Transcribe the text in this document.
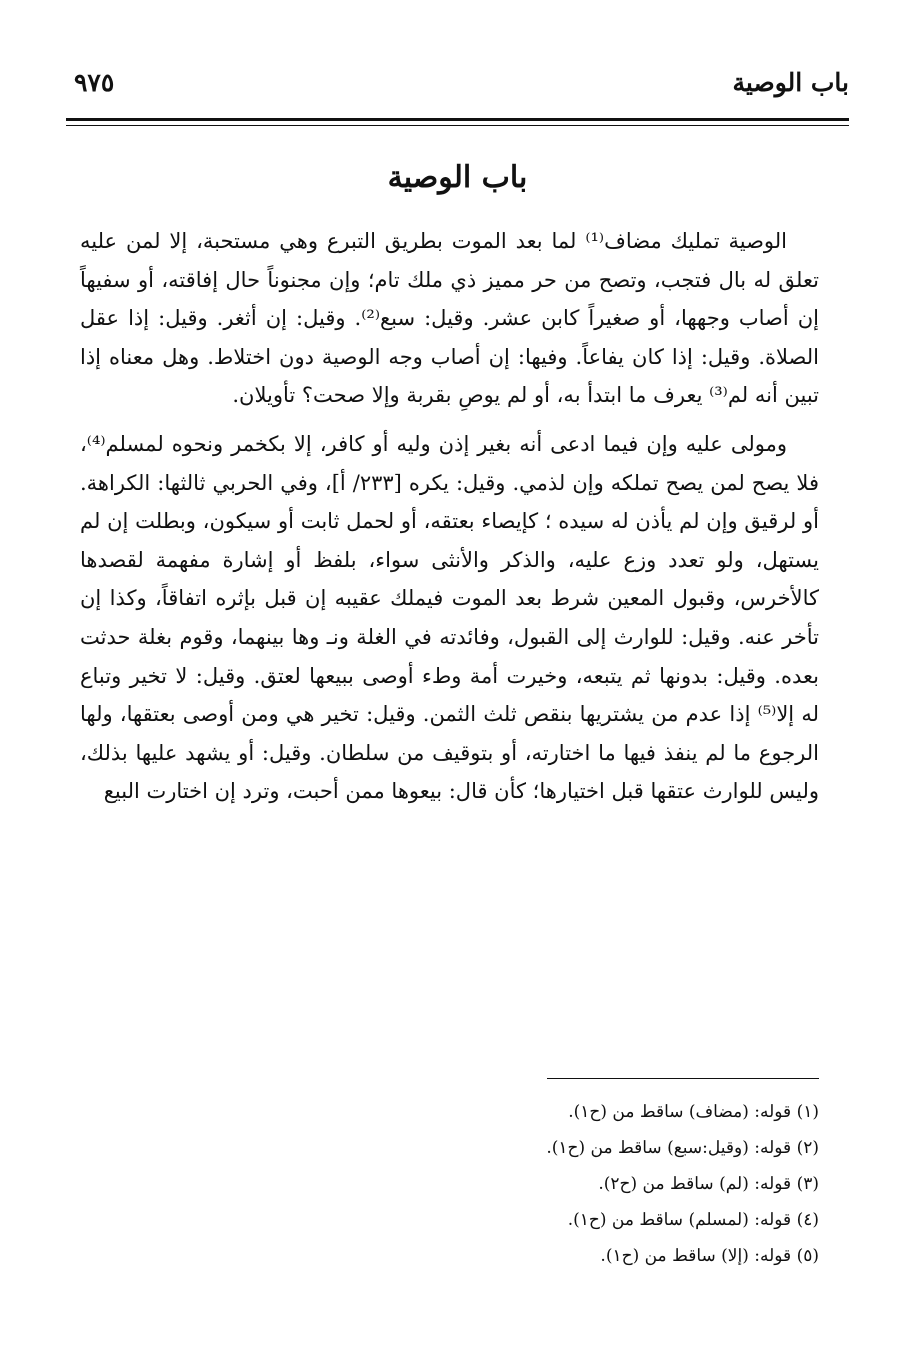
باب الوصية
٩٧٥
باب الوصية

الوصية تمليك مضاف⁽¹⁾ لما بعد الموت بطريق التبرع وهي مستحبة، إلا لمن عليه تعلق له بال فتجب، وتصح من حر مميز ذي ملك تام؛ وإن مجنوناً حال إفاقته، أو سفيهاً إن أصاب وجهها، أو صغيراً كابن عشر. وقيل: سبع⁽²⁾. وقيل: إن أثغر. وقيل: إذا عقل الصلاة. وقيل: إذا كان يفاعاً. وفيها: إن أصاب وجه الوصية دون اختلاط. وهل معناه إذا تبين أنه لم⁽³⁾ يعرف ما ابتدأ به، أو لم يوصِ بقربة وإلا صحت؟ تأويلان.

ومولى عليه وإن فيما ادعى أنه بغير إذن وليه أو كافر، إلا بكخمر ونحوه لمسلم⁽⁴⁾، فلا يصح لمن يصح تملكه وإن لذمي. وقيل: يكره [٢٣٣/ أ]، وفي الحربي ثالثها: الكراهة. أو لرقيق وإن لم يأذن له سيده ؛ كإيصاء بعتقه، أو لحمل ثابت أو سيكون، وبطلت إن لم يستهل، ولو تعدد وزع عليه، والذكر والأنثى سواء، بلفظ أو إشارة مفهمة لقصدها كالأخرس، وقبول المعين شرط بعد الموت فيملك عقيبه إن قبل بإثره اتفاقاً، وكذا إن تأخر عنه. وقيل: للوارث إلى القبول، وفائدته في الغلة ونـ وها بينهما، وقوم بغلة حدثت بعده. وقيل: بدونها ثم يتبعه، وخيرت أمة وطء أوصى ببيعها لعتق. وقيل: لا تخير وتباع له إلا⁽⁵⁾ إذا عدم من يشتريها بنقص ثلث الثمن. وقيل: تخير هي ومن أوصى بعتقها، ولها الرجوع ما لم ينفذ فيها ما اختارته، أو بتوقيف من سلطان. وقيل: أو يشهد عليها بذلك، وليس للوارث عتقها قبل اختيارها؛ كأن قال: بيعوها ممن أحبت، وترد إن اختارت البيع

(١) قوله: (مضاف) ساقط من (ح١).
(٢) قوله: (وقيل:سبع) ساقط من (ح١).
(٣) قوله: (لم) ساقط من (ح٢).
(٤) قوله: (لمسلم) ساقط من (ح١).
(٥) قوله: (إلا) ساقط من (ح١).
